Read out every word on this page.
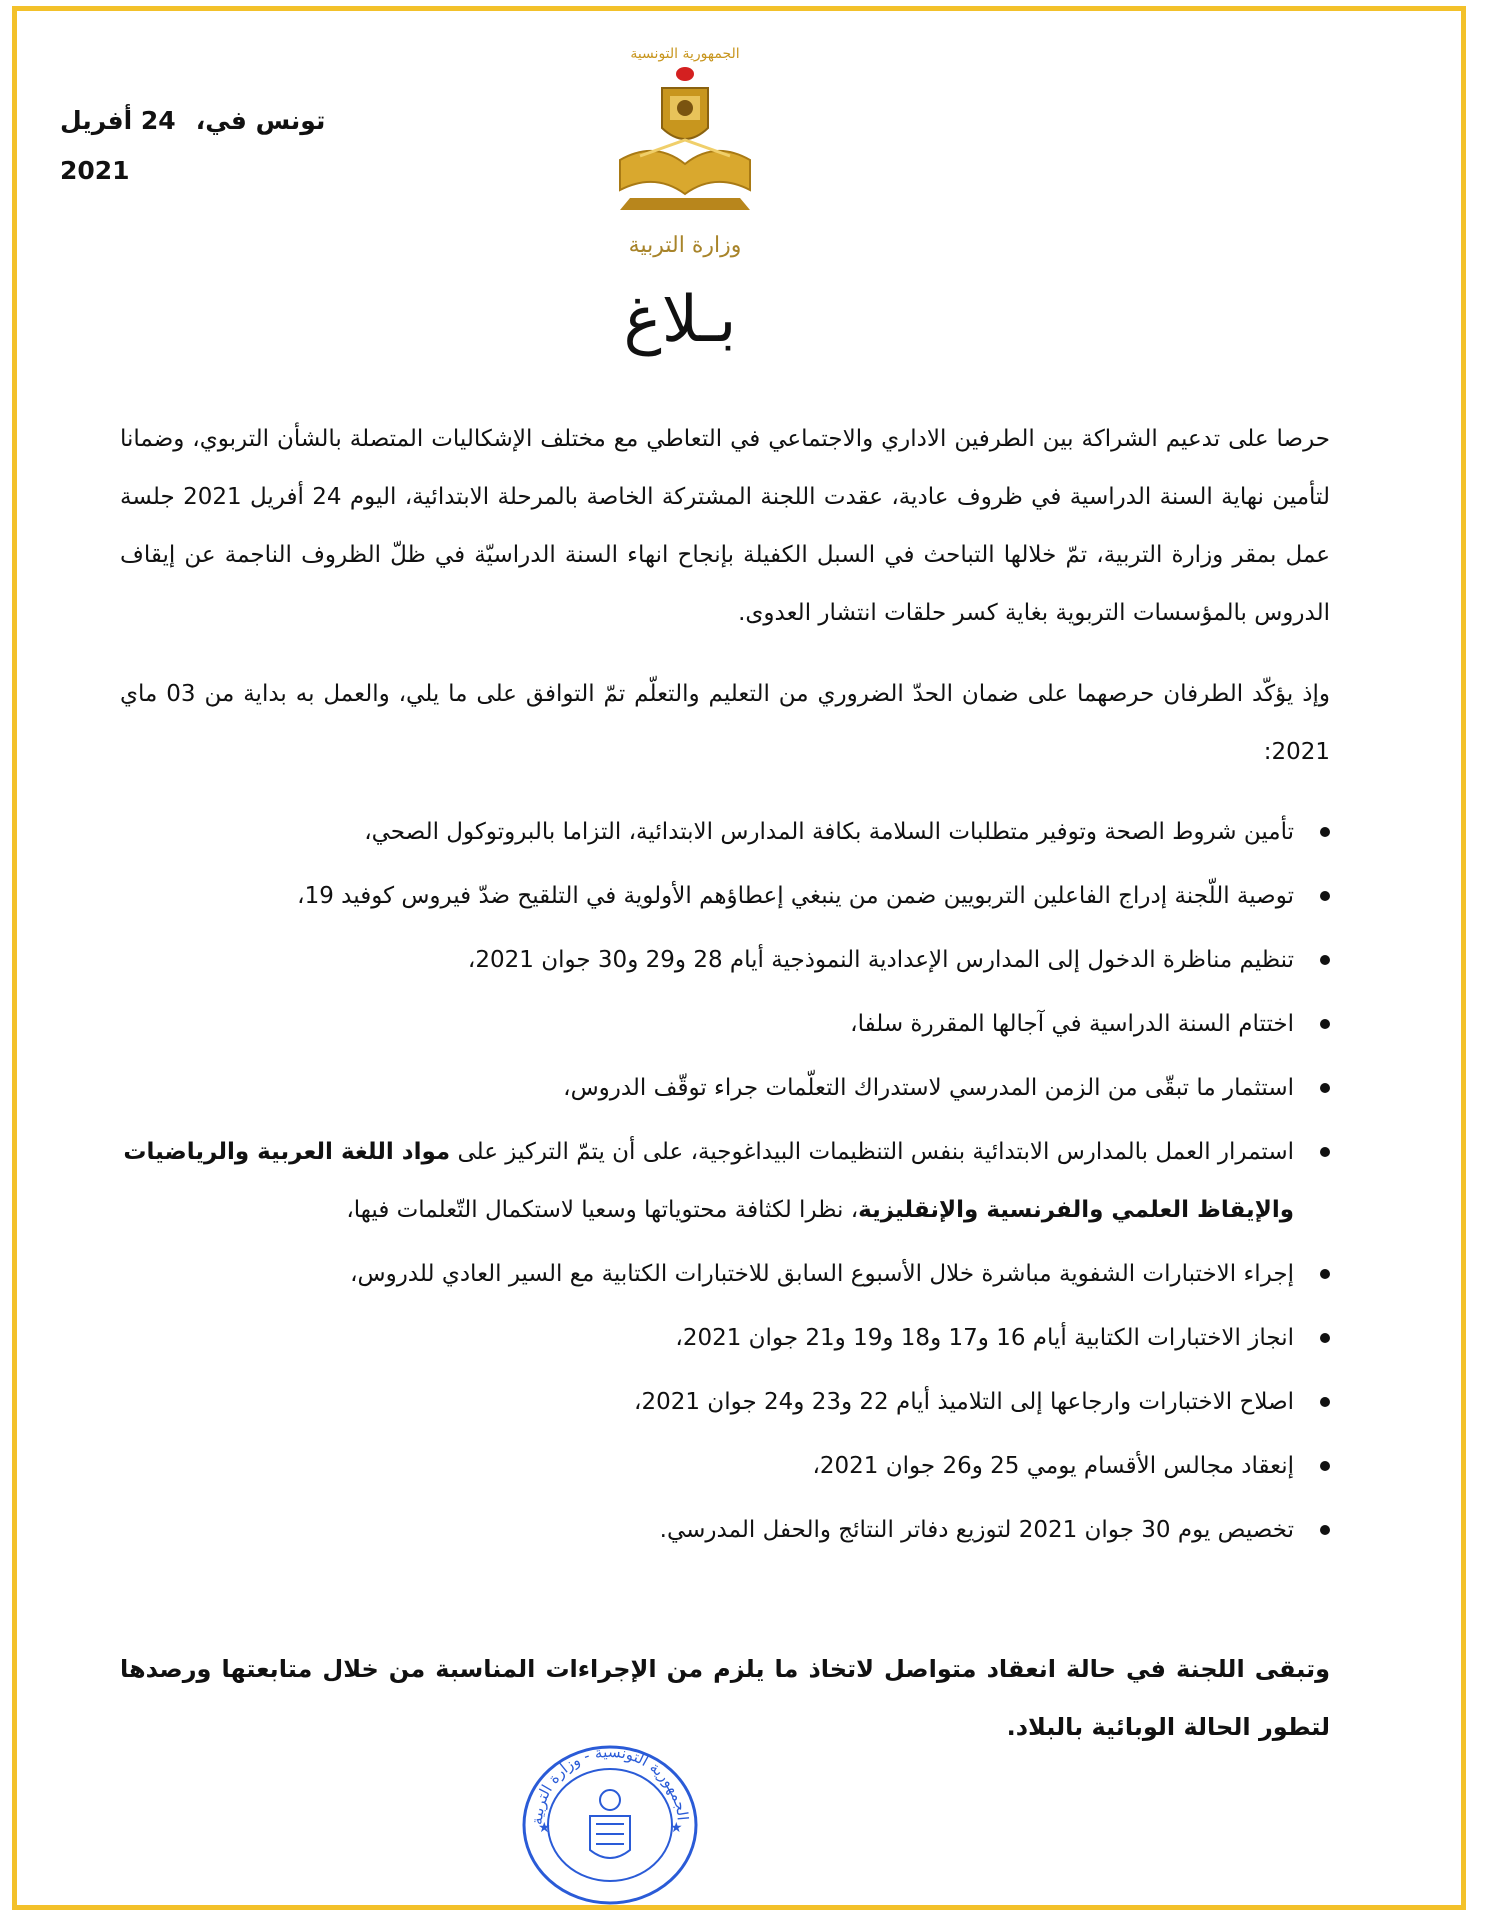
تونس في،24 أفريل 2021
الجمهورية التونسية
وزارة التربية
بـلاغ
حرصا على تدعيم الشراكة بين الطرفين الاداري والاجتماعي في التعاطي مع مختلف الإشكاليات المتصلة بالشأن التربوي، وضمانا لتأمين نهاية السنة الدراسية في ظروف عادية، عقدت اللجنة المشتركة الخاصة بالمرحلة الابتدائية، اليوم 24 أفريل 2021 جلسة عمل بمقر وزارة التربية، تمّ خلالها التباحث في السبل الكفيلة بإنجاح انهاء السنة الدراسيّة في ظلّ الظروف الناجمة عن إيقاف الدروس بالمؤسسات التربوية بغاية كسر حلقات انتشار العدوى.
وإذ يؤكّد الطرفان حرصهما على ضمان الحدّ الضروري من التعليم والتعلّم تمّ التوافق على ما يلي، والعمل به بداية من 03 ماي 2021:
تأمين شروط الصحة وتوفير متطلبات السلامة بكافة المدارس الابتدائية، التزاما بالبروتوكول الصحي،
توصية اللّجنة إدراج الفاعلين التربويين ضمن من ينبغي إعطاؤهم الأولوية في التلقيح ضدّ فيروس كوفيد 19،
تنظيم مناظرة الدخول إلى المدارس الإعدادية النموذجية أيام 28 و29 و30 جوان 2021،
اختتام السنة الدراسية في آجالها المقررة سلفا،
استثمار ما تبقّى من الزمن المدرسي لاستدراك التعلّمات جراء توقّف الدروس،
استمرار العمل بالمدارس الابتدائية بنفس التنظيمات البيداغوجية، على أن يتمّ التركيز على مواد اللغة العربية والرياضيات والإيقاظ العلمي والفرنسية والإنقليزية، نظرا لكثافة محتوياتها وسعيا لاستكمال التّعلمات فيها،
إجراء الاختبارات الشفوية مباشرة خلال الأسبوع السابق للاختبارات الكتابية مع السير العادي للدروس،
انجاز الاختبارات الكتابية أيام 16 و17 و18 و19 و21 جوان 2021،
اصلاح الاختبارات وارجاعها إلى التلاميذ أيام 22 و23 و24 جوان 2021،
إنعقاد مجالس الأقسام يومي 25 و26 جوان 2021،
تخصيص يوم 30 جوان 2021 لتوزيع دفاتر النتائج والحفل المدرسي.
وتبقى اللجنة في حالة انعقاد متواصل لاتخاذ ما يلزم من الإجراءات المناسبة من خلال متابعتها ورصدها لتطور الحالة الوبائية بالبلاد.
الجمهورية التونسية - وزارة التربية
★	★
